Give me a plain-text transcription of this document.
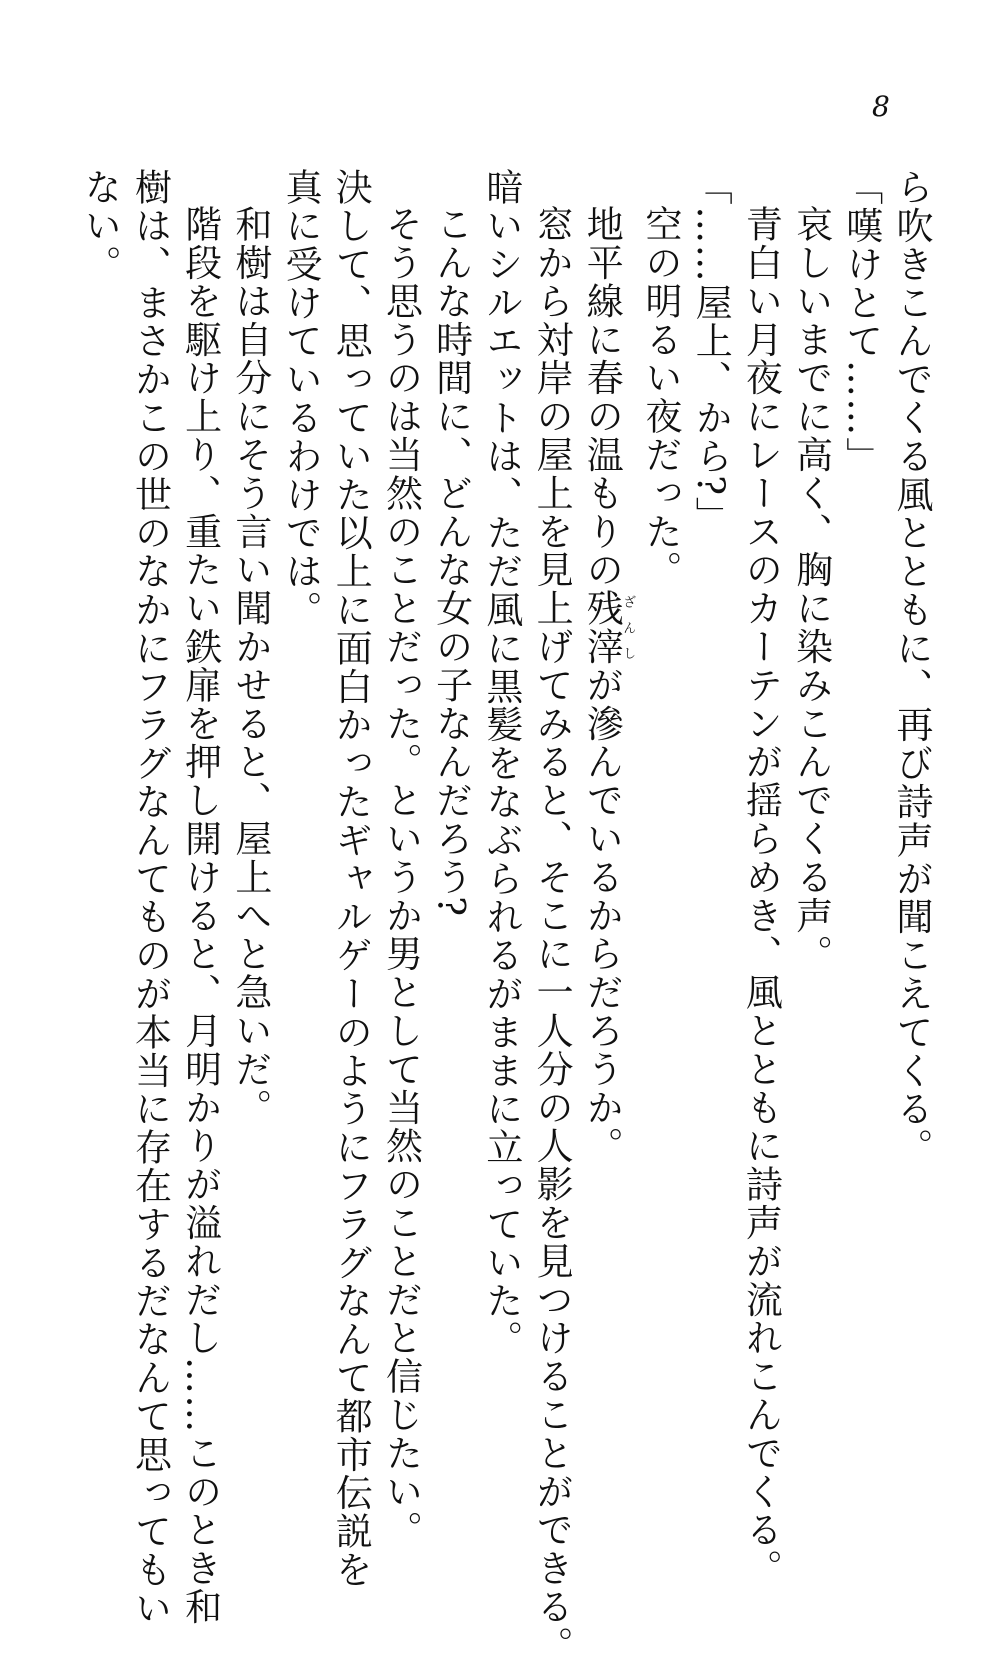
8
ら吹きこんでくる風とともに、再び詩声が聞こえてくる。
「嘆けとて……」
哀しいまでに高く、胸に染みこんでくる声。
青白い月夜にレースのカーテンが揺らめき、風とともに詩声が流れこんでくる。
「……屋上、から?」
空の明るい夜だった。
地平線に春の温もりの残滓ざんしが滲んでいるからだろうか。
窓から対岸の屋上を見上げてみると、そこに一人分の人影を見つけることができる。
暗いシルエットは、ただ風に黒髪をなぶられるがままに立っていた。
こんな時間に、どんな女の子なんだろう?
そう思うのは当然のことだった。というか男として当然のことだと信じたい。
決して、思っていた以上に面白かったギャルゲーのようにフラグなんて都市伝説を
真に受けているわけでは。
和樹は自分にそう言い聞かせると、屋上へと急いだ。
階段を駆け上り、重たい鉄扉を押し開けると、月明かりが溢れだし……このとき和
樹は、まさかこの世のなかにフラグなんてものが本当に存在するだなんて思ってもい
ない。
